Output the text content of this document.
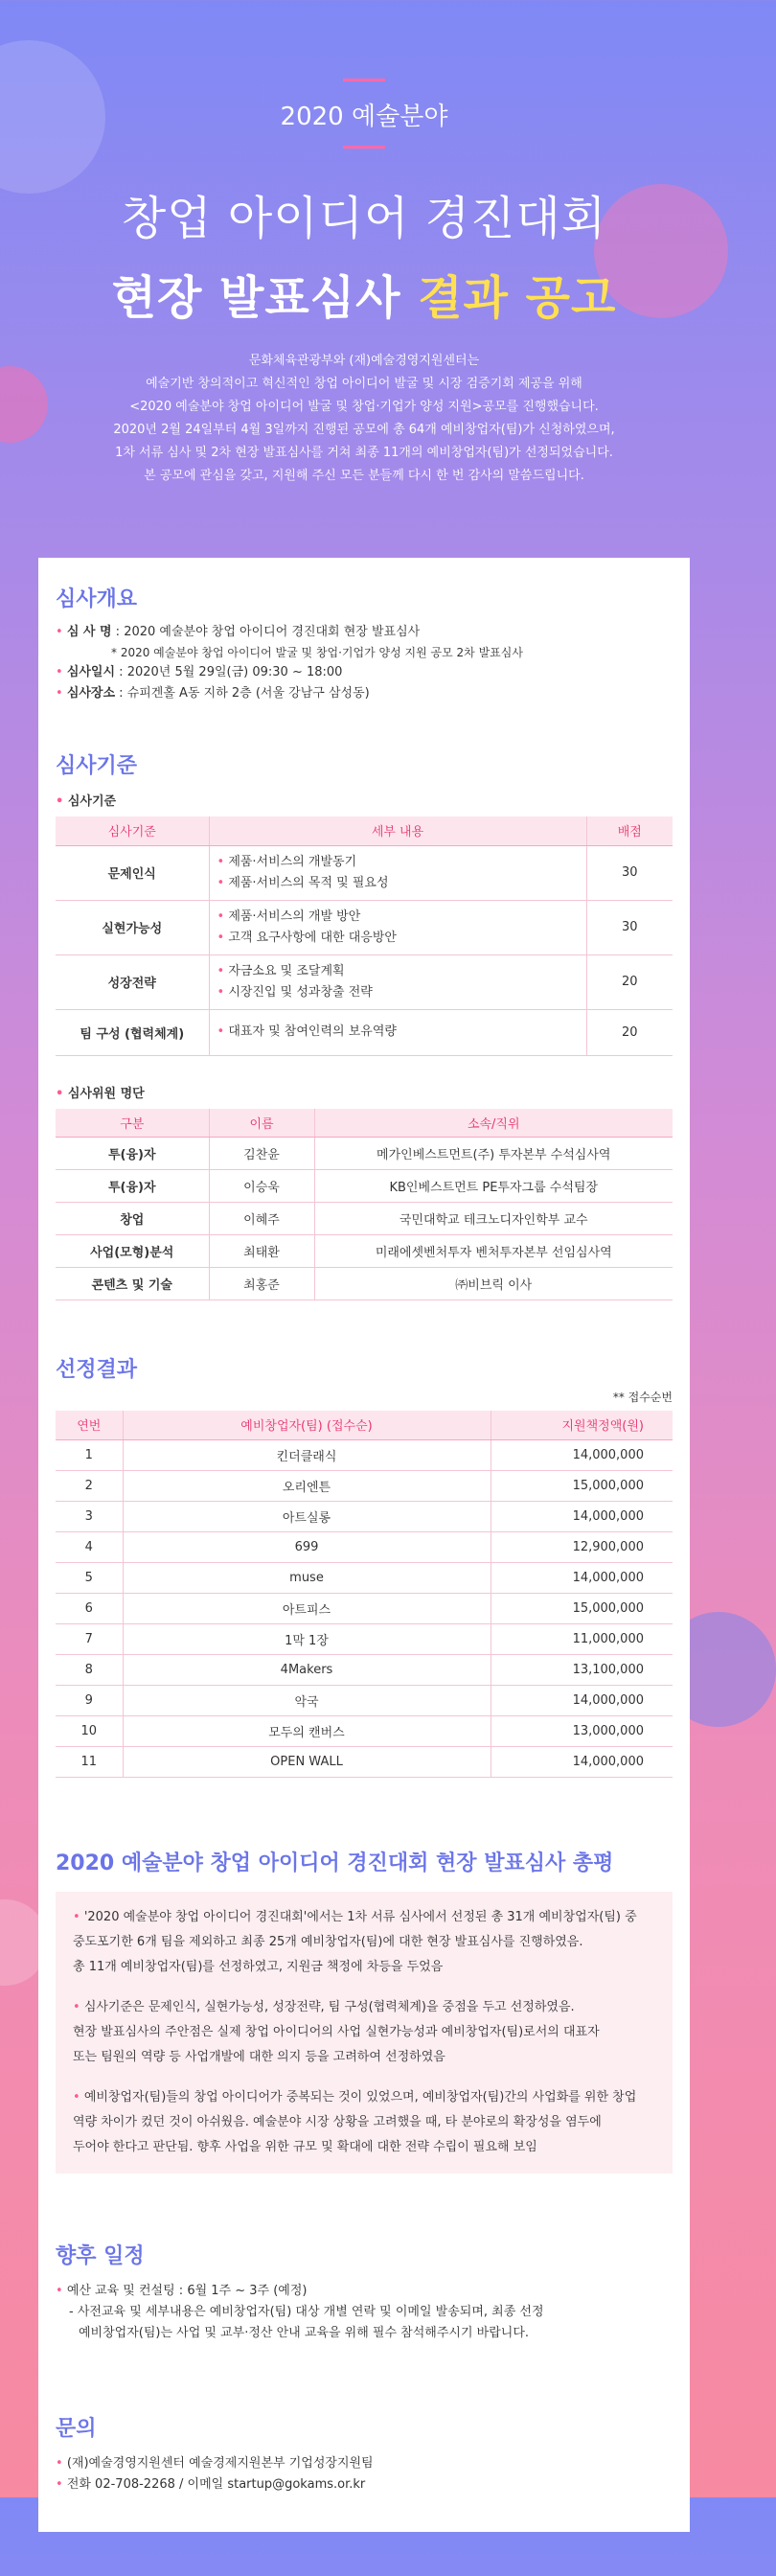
2020 예술분야
창업 아이디어 경진대회
현장 발표심사 결과 공고
문화체육관광부와 (재)예술경영지원센터는
예술기반 창의적이고 혁신적인 창업 아이디어 발굴 및 시장 검증기회 제공을 위해
<2020 예술분야 창업 아이디어 발굴 및 창업·기업가 양성 지원>공모를 진행했습니다.
2020년 2월 24일부터 4월 3일까지 진행된 공모에 총 64개 예비창업자(팀)가 신청하였으며,
1차 서류 심사 및 2차 현장 발표심사를 거쳐 최종 11개의 예비창업자(팀)가 선정되었습니다.
본 공모에 관심을 갖고, 지원해 주신 모든 분들께 다시 한 번 감사의 말씀드립니다.
심사개요
• 심 사 명 : 2020 예술분야 창업 아이디어 경진대회 현장 발표심사
* 2020 예술분야 창업 아이디어 발굴 및 창업·기업가 양성 지원 공모 2차 발표심사
• 심사일시 : 2020년 5월 29일(금) 09:30 ~ 18:00
• 심사장소 : 슈피겐홀 A동 지하 2층 (서울 강남구 삼성동)
심사기준
• 심사기준
심사기준	세부 내용	배점
문제인식	• 제품·서비스의 개발동기
• 제품·서비스의 목적 및 필요성	30
실현가능성	• 제품·서비스의 개발 방안
• 고객 요구사항에 대한 대응방안	30
성장전략	• 자금소요 및 조달계획
• 시장진입 및 성과창출 전략	20
팀 구성 (협력체계)	• 대표자 및 참여인력의 보유역량	20
• 심사위원 명단
구분	이름	소속/직위
투(융)자	김찬윤	메가인베스트먼트(주) 투자본부 수석심사역
투(융)자	이승욱	KB인베스트먼트 PE투자그룹 수석팀장
창업	이혜주	국민대학교 테크노디자인학부 교수
사업(모형)분석	최태환	미래에셋벤처투자 벤처투자본부 선임심사역
콘텐츠 및 기술	최홍준	㈜비브릭 이사
선정결과
** 접수순번
연번	예비창업자(팀) (접수순)	지원책정액(원)
1	킨더클래식	14,000,000
2	오리엔튼	15,000,000
3	아트실롱	14,000,000
4	699	12,900,000
5	muse	14,000,000
6	아트피스	15,000,000
7	1막 1장	11,000,000
8	4Makers	13,100,000
9	악국	14,000,000
10	모두의 캔버스	13,000,000
11	OPEN WALL	14,000,000
2020 예술분야 창업 아이디어 경진대회 현장 발표심사 총평

• '2020 예술분야 창업 아이디어 경진대회'에서는 1차 서류 심사에서 선정된 총 31개 예비창업자(팀) 중
중도포기한 6개 팀을 제외하고 최종 25개 예비창업자(팀)에 대한 현장 발표심사를 진행하였음.
총 11개 예비창업자(팀)를 선정하였고, 지원금 책정에 차등을 두었음

• 심사기준은 문제인식, 실현가능성, 성장전략, 팀 구성(협력체계)을 중점을 두고 선정하였음.
현장 발표심사의 주안점은 실제 창업 아이디어의 사업 실현가능성과 예비창업자(팀)로서의 대표자
또는 팀원의 역량 등 사업개발에 대한 의지 등을 고려하여 선정하였음

• 예비창업자(팀)들의 창업 아이디어가 중복되는 것이 있었으며, 예비창업자(팀)간의 사업화를 위한 창업
역량 차이가 컸던 것이 아쉬웠음. 예술분야 시장 상황을 고려했을 때, 타 분야로의 확장성을 염두에
두어야 한다고 판단됨. 향후 사업을 위한 규모 및 확대에 대한 전략 수립이 필요해 보임

향후 일정
• 예산 교육 및 컨설팅 : 6월 1주 ~ 3주 (예정)
- 사전교육 및 세부내용은 예비창업자(팀) 대상 개별 연락 및 이메일 발송되며, 최종 선정
예비창업자(팀)는 사업 및 교부·정산 안내 교육을 위해 필수 참석해주시기 바랍니다.
문의
• (재)예술경영지원센터 예술경제지원본부 기업성장지원팀
• 전화 02-708-2268 / 이메일 startup@gokams.or.kr
